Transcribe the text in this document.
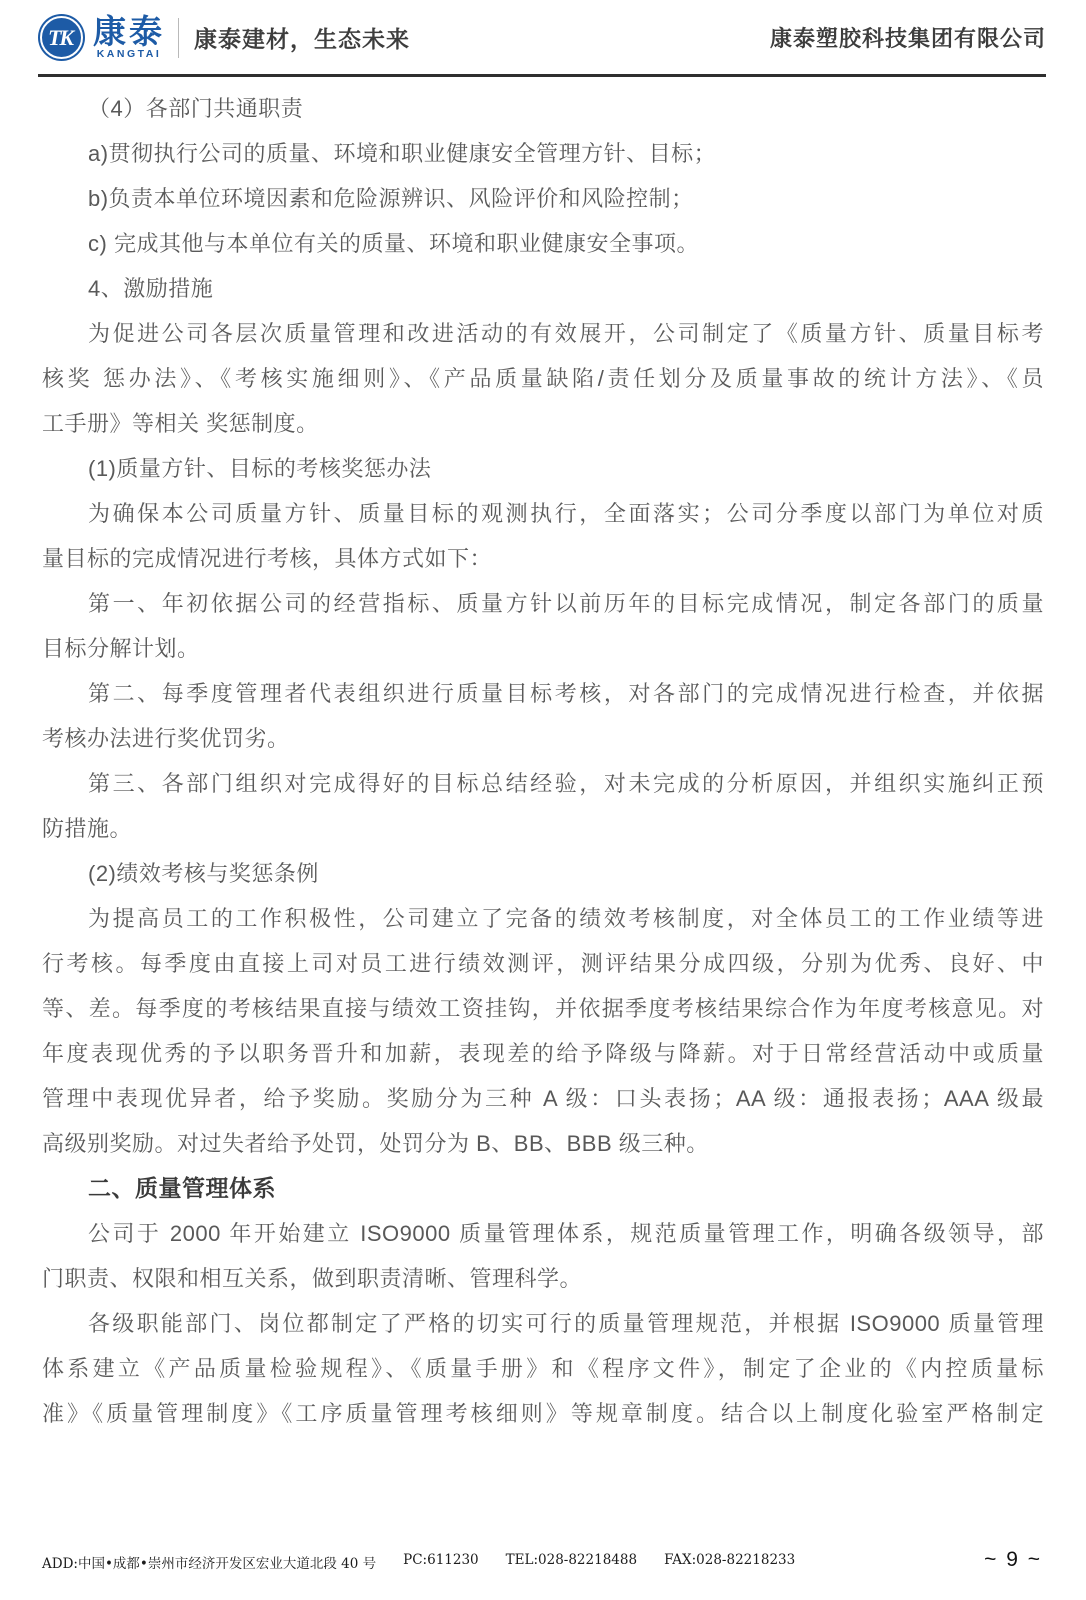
TK 康泰
KANGTAI
康泰建材，生态未来	康泰塑胶科技集团有限公司
（4）各部门共通职责
a)贯彻执行公司的质量、环境和职业健康安全管理方针、目标；
b)负责本单位环境因素和危险源辨识、风险评价和风险控制；
c) 完成其他与本单位有关的质量、环境和职业健康安全事项。
4、激励措施
为促进公司各层次质量管理和改进活动的有效展开，公司制定了《质量方针、质量目标考
核奖 惩办法》、《考核实施细则》、《产品质量缺陷/责任划分及质量事故的统计方法》、《员
工手册》等相关 奖惩制度。
(1)质量方针、目标的考核奖惩办法
为确保本公司质量方针、质量目标的观测执行，全面落实；公司分季度以部门为单位对质
量目标的完成情况进行考核，具体方式如下：
第一、年初依据公司的经营指标、质量方针以前历年的目标完成情况，制定各部门的质量
目标分解计划。
第二、每季度管理者代表组织进行质量目标考核，对各部门的完成情况进行检查，并依据
考核办法进行奖优罚劣。
第三、各部门组织对完成得好的目标总结经验，对未完成的分析原因，并组织实施纠正预
防措施。
(2)绩效考核与奖惩条例
为提高员工的工作积极性，公司建立了完备的绩效考核制度，对全体员工的工作业绩等进
行考核。每季度由直接上司对员工进行绩效测评，测评结果分成四级，分别为优秀、良好、中
等、差。每季度的考核结果直接与绩效工资挂钩，并依据季度考核结果综合作为年度考核意见。对
年度表现优秀的予以职务晋升和加薪，表现差的给予降级与降薪。对于日常经营活动中或质量
管理中表现优异者，给予奖励。奖励分为三种 A 级：口头表扬；AA 级：通报表扬；AAA 级最
高级别奖励。对过失者给予处罚，处罚分为 B、BB、BBB 级三种。
二、质量管理体系
公司于 2000 年开始建立 ISO9000 质量管理体系，规范质量管理工作，明确各级领导，部
门职责、权限和相互关系，做到职责清晰、管理科学。
各级职能部门、岗位都制定了严格的切实可行的质量管理规范，并根据 ISO9000 质量管理
体系建立《产品质量检验规程》、《质量手册》和《程序文件》，制定了企业的《内控质量标
准》《质量管理制度》《工序质量管理考核细则》等规章制度。结合以上制度化验室严格制定
ADD:中国•成都•崇州市经济开发区宏业大道北段 40 号 PC:611230 TEL:028-82218488 FAX:028-82218233	~ 9 ~
